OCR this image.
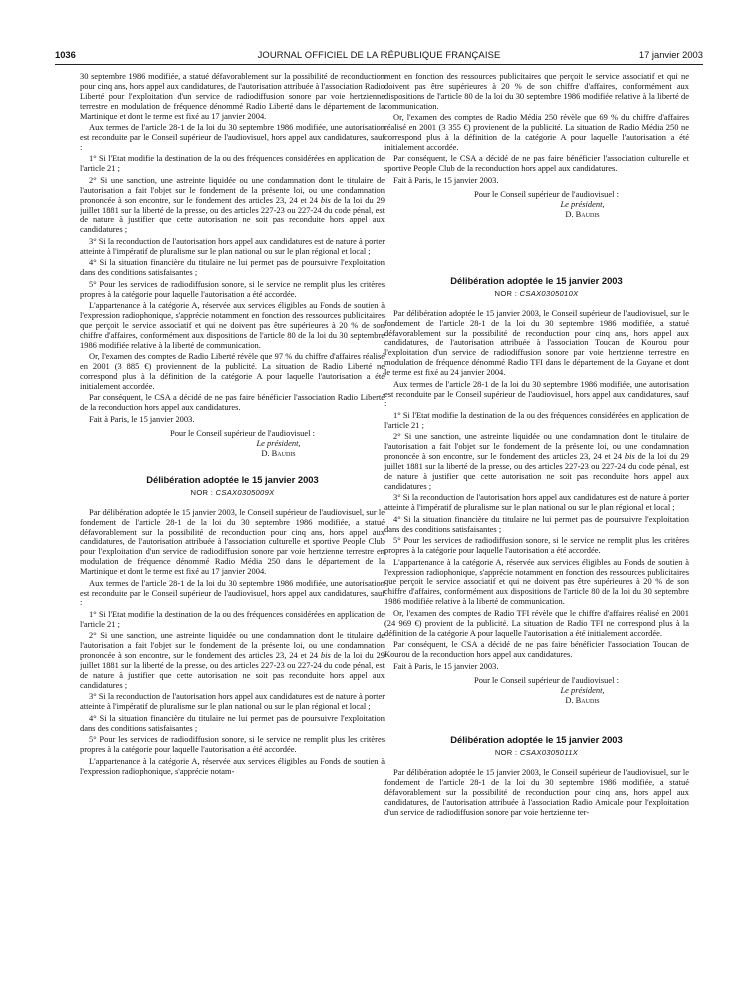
1036	JOURNAL OFFICIEL DE LA RÉPUBLIQUE FRANÇAISE	17 janvier 2003

30 septembre 1986 modifiée, a statué défavorablement sur la possibilité de reconduction pour cinq ans, hors appel aux candidatures, de l'autorisation attribuée à l'association Radio Liberté pour l'exploitation d'un service de radiodiffusion sonore par voie hertzienne terrestre en modulation de fréquence dénommé Radio Liberté dans le département de la Martinique et dont le terme est fixé au 17 janvier 2004.

Aux termes de l'article 28-1 de la loi du 30 septembre 1986 modifiée, une autorisation est reconduite par le Conseil supérieur de l'audiovisuel, hors appel aux candidatures, sauf :

1° Si l'Etat modifie la destination de la ou des fréquences considérées en application de l'article 21 ;

2° Si une sanction, une astreinte liquidée ou une condamnation dont le titulaire de l'autorisation a fait l'objet sur le fondement de la présente loi, ou une condamnation prononcée à son encontre, sur le fondement des articles 23, 24 et 24 bis de la loi du 29 juillet 1881 sur la liberté de la presse, ou des articles 227-23 ou 227-24 du code pénal, est de nature à justifier que cette autorisation ne soit pas reconduite hors appel aux candidatures ;

3° Si la reconduction de l'autorisation hors appel aux candidatures est de nature à porter atteinte à l'impératif de pluralisme sur le plan national ou sur le plan régional et local ;

4° Si la situation financière du titulaire ne lui permet pas de poursuivre l'exploitation dans des conditions satisfaisantes ;

5° Pour les services de radiodiffusion sonore, si le service ne remplit plus les critères propres à la catégorie pour laquelle l'autorisation a été accordée.

L'appartenance à la catégorie A, réservée aux services éligibles au Fonds de soutien à l'expression radiophonique, s'apprécie notamment en fonction des ressources publicitaires que perçoit le service associatif et qui ne doivent pas être supérieures à 20 % de son chiffre d'affaires, conformément aux dispositions de l'article 80 de la loi du 30 septembre 1986 modifiée relative à la liberté de communication.

Or, l'examen des comptes de Radio Liberté révèle que 97 % du chiffre d'affaires réalisé en 2001 (3 885 €) proviennent de la publicité. La situation de Radio Liberté ne correspond plus à la définition de la catégorie A pour laquelle l'autorisation a été initialement accordée.

Par conséquent, le CSA a décidé de ne pas faire bénéficier l'association Radio Liberté de la reconduction hors appel aux candidatures.

Fait à Paris, le 15 janvier 2003.

Pour le Conseil supérieur de l'audiovisuel :
Le président,
D. Baudis
Délibération adoptée le 15 janvier 2003
NOR : CSAX0305009X

Par délibération adoptée le 15 janvier 2003, le Conseil supérieur de l'audiovisuel, sur le fondement de l'article 28-1 de la loi du 30 septembre 1986 modifiée, a statué défavorablement sur la possibilité de reconduction pour cinq ans, hors appel aux candidatures, de l'autorisation attribuée à l'association culturelle et sportive People Club pour l'exploitation d'un service de radiodiffusion sonore par voie hertzienne terrestre en modulation de fréquence dénommé Radio Média 250 dans le département de la Martinique et dont le terme est fixé au 17 janvier 2004.

Aux termes de l'article 28-1 de la loi du 30 septembre 1986 modifiée, une autorisation est reconduite par le Conseil supérieur de l'audiovisuel, hors appel aux candidatures, sauf :

1° Si l'Etat modifie la destination de la ou des fréquences considérées en application de l'article 21 ;

2° Si une sanction, une astreinte liquidée ou une condamnation dont le titulaire de l'autorisation a fait l'objet sur le fondement de la présente loi, ou une condamnation prononcée à son encontre, sur le fondement des articles 23, 24 et 24 bis de la loi du 29 juillet 1881 sur la liberté de la presse, ou des articles 227-23 ou 227-24 du code pénal, est de nature à justifier que cette autorisation ne soit pas reconduite hors appel aux candidatures ;

3° Si la reconduction de l'autorisation hors appel aux candidatures est de nature à porter atteinte à l'impératif de pluralisme sur le plan national ou sur le plan régional et local ;

4° Si la situation financière du titulaire ne lui permet pas de poursuivre l'exploitation dans des conditions satisfaisantes ;

5° Pour les services de radiodiffusion sonore, si le service ne remplit plus les critères propres à la catégorie pour laquelle l'autorisation a été accordée.

L'appartenance à la catégorie A, réservée aux services éligibles au Fonds de soutien à l'expression radiophonique, s'apprécie notam-

ment en fonction des ressources publicitaires que perçoit le service associatif et qui ne doivent pas être supérieures à 20 % de son chiffre d'affaires, conformément aux dispositions de l'article 80 de la loi du 30 septembre 1986 modifiée relative à la liberté de communication.

Or, l'examen des comptes de Radio Média 250 révèle que 69 % du chiffre d'affaires réalisé en 2001 (3 355 €) provienent de la publicité. La situation de Radio Média 250 ne correspond plus à la définition de la catégorie A pour laquelle l'autorisation a été initialement accordée.

Par conséquent, le CSA a décidé de ne pas faire bénéficier l'association culturelle et sportive People Club de la reconduction hors appel aux candidatures.

Fait à Paris, le 15 janvier 2003.

Pour le Conseil supérieur de l'audiovisuel :
Le président,
D. Baudis
Délibération adoptée le 15 janvier 2003
NOR : CSAX0305010X

Par délibération adoptée le 15 janvier 2003, le Conseil supérieur de l'audiovisuel, sur le fondement de l'article 28-1 de la loi du 30 septembre 1986 modifiée, a statué défavorablement sur la possibilité de reconduction pour cinq ans, hors appel aux candidatures, de l'autorisation attribuée à l'association Toucan de Kourou pour l'exploitation d'un service de radiodiffusion sonore par voie hertzienne terrestre en modulation de fréquence dénommé Radio TFI dans le département de la Guyane et dont le terme est fixé au 24 janvier 2004.

Aux termes de l'article 28-1 de la loi du 30 septembre 1986 modifiée, une autorisation est reconduite par le Conseil supérieur de l'audiovisuel, hors appel aux candidatures, sauf :

1° Si l'Etat modifie la destination de la ou des fréquences considérées en application de l'article 21 ;

2° Si une sanction, une astreinte liquidée ou une condamnation dont le titulaire de l'autorisation a fait l'objet sur le fondement de la présente loi, ou une condamnation prononcée à son encontre, sur le fondement des articles 23, 24 et 24 bis de la loi du 29 juillet 1881 sur la liberté de la presse, ou des articles 227-23 ou 227-24 du code pénal, est de nature à justifier que cette autorisation ne soit pas reconduite hors appel aux candidatures ;

3° Si la reconduction de l'autorisation hors appel aux candidatures est de nature à porter atteinte à l'impératif de pluralisme sur le plan national ou sur le plan régional et local ;

4° Si la situation financière du titulaire ne lui permet pas de poursuivre l'exploitation dans des conditions satisfaisantes ;

5° Pour les services de radiodiffusion sonore, si le service ne remplit plus les critères propres à la catégorie pour laquelle l'autorisation a été accordée.

L'appartenance à la catégorie A, réservée aux services éligibles au Fonds de soutien à l'expression radiophonique, s'apprécie notamment en fonction des ressources publicitaires que perçoit le service associatif et qui ne doivent pas être supérieures à 20 % de son chiffre d'affaires, conformément aux dispositions de l'article 80 de la loi du 30 septembre 1986 modifiée relative à la liberté de communication.

Or, l'examen des comptes de Radio TFI révèle que le chiffre d'affaires réalisé en 2001 (24 969 €) provient de la publicité. La situation de Radio TFI ne correspond plus à la définition de la catégorie A pour laquelle l'autorisation a été initialement accordée.

Par conséquent, le CSA a décidé de ne pas faire bénéficier l'association Toucan de Kourou de la reconduction hors appel aux candidatures.

Fait à Paris, le 15 janvier 2003.

Pour le Conseil supérieur de l'audiovisuel :
Le président,
D. Baudis
Délibération adoptée le 15 janvier 2003
NOR : CSAX0305011X

Par délibération adoptée le 15 janvier 2003, le Conseil supérieur de l'audiovisuel, sur le fondement de l'article 28-1 de la loi du 30 septembre 1986 modifiée, a statué défavorablement sur la possibilité de reconduction pour cinq ans, hors appel aux candidatures, de l'autorisation attribuée à l'association Radio Amicale pour l'exploitation d'un service de radiodiffusion sonore par voie hertzienne ter-
